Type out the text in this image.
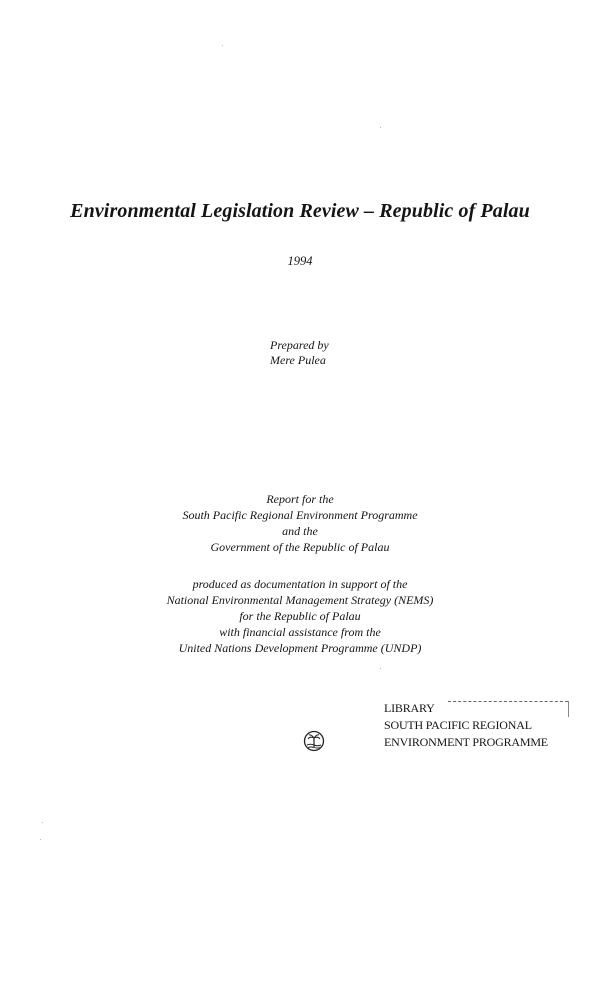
Environmental Legislation Review – Republic of Palau
1994
Prepared by
Mere Pulea
Report for the
South Pacific Regional Environment Programme
and the
Government of the Republic of Palau
produced as documentation in support of the
National Environmental Management Strategy (NEMS)
for the Republic of Palau
with financial assistance from the
United Nations Development Programme (UNDP)
LIBRARY
SOUTH PACIFIC REGIONAL
ENVIRONMENT PROGRAMME
